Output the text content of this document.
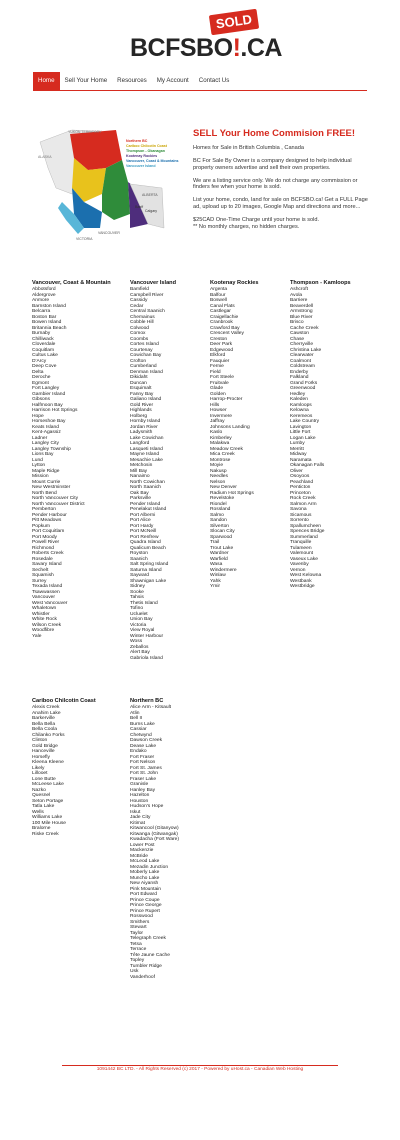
SOLD
BCFSBO!.CA
Home	Sell Your Home	Resources	My Account	Contact Us
YUKON TERRITORY
ALASKA
ALBERTA
Calgary
Banff
VANCOUVER
VICTORIA
Northern BC
Cariboo Chilcotin Coast
Thompson - Okanagan
Kootenay Rockies
Vancouver, Coast & Mountains
Vancouver Island
SELL Your Home Commision FREE!

Homes for Sale in British Columbia , Canada

BC For Sale By Owner is a company designed to help individual property owners advertise and sell their own properties.

We are a listing service only. We do not charge any commission or finders fee when your home is sold.

List your home, condo, land for sale on BCFSBO.ca! Get a FULL Page ad, upload up to 20 images, Google Map and directions and more...

$25CAD One-Time Charge until your home is sold.
** No monthly charges, no hidden charges.

Vancouver, Coast & Mountain
Abbotsford
Aldergrove
Anmore
Barnston Island
Belcarra
Boston Bar
Bowen Island
Britannia Beach
Burnaby
Chilliwack
Cloverdale
Coquitlam
Cultus Lake
D'Arcy
Deep Cove
Delta
Deroche
Egmont
Fort Langley
Gambier Island
Gibsons
Halfmoon Bay
Harrison Hot Springs
Hope
Horseshoe Bay
Keats Island
Kent-Agassiz
Ladner
Langley City
Langley Township
Lions Bay
Lund
Lytton
Maple Ridge
Mission
Mount Currie
New Westminster
North Bend
North Vancouver City
North Vancouver District
Pemberton
Pender Harbour
Pitt Meadows
Popkum
Port Coquitlam
Port Moody
Powell River
Richmond
Roberts Creek
Rosedale
Savary Island
Sechelt
Squamish
Surrey
Texada Island
Tsawwassen
Vancouver
West Vancouver
Whaletown
Whistler
White Rock
Wilson Creek
Woodfibre
Yale
Vancouver Island
Bamfield
Campbell River
Cassidy
Cedar
Central Saanich
Chemainus
Cobble Hill
Colwood
Comox
Coombs
Cortes Island
Courtenay
Cowichan Bay
Crofton
Cumberland
Denman Island
Dikidaht
Duncan
Esquimalt
Fanny Bay
Galiano Island
Gold River
Highlands
Holberg
Hornby Island
Jordan River
Ladysmith
Lake Cowichan
Langford
Lasqueti Island
Mayne Island
Mesachie Lake
Metchosin
Mill Bay
Nanaimo
North Cowichan
North Saanich
Oak Bay
Parksville
Pender Island
Penelakut Island
Port Alberni
Port Alice
Port Hardy
Port McNeill
Port Renfrew
Quadra Island
Qualicum Beach
Royston
Saanich
Salt Spring Island
Saturna Island
Sayward
Shawnigan Lake
Sidney
Sooke
Tahsis
Thetis Island
Tofino
Ucluelet
Union Bay
Victoria
View Royal
Winter Harbour
Woss
Zeballos
Alert Bay
Gabriola Island
Kootenay Rockies
Argenta
Balfour
Boswell
Canal Flats
Castlegar
Craigellachie
Cranbrook
Crawford Bay
Crescent Valley
Creston
Deer Park
Edgewood
Elkford
Fauquier
Fernie
Field
Fort Steele
Fruitvale
Glade
Golden
Harrop-Procter
Hills
Howser
Invermere
Jaffray
Johnsons Landing
Kaslo
Kimberley
Malakwa
Meadow Creek
Mica Creek
Montrose
Moyie
Nakusp
Needles
Nelson
New Denver
Radium Hot Springs
Revelstoke
Riondel
Rossland
Salmo
Sandon
Silverton
Slocan City
Sparwood
Trail
Trout Lake
Wardner
Warfield
Wasa
Windermere
Winlaw
Yahk
Ymir
Thompson - Kamloops
Ashcroft
Avola
Barriere
Beaverdell
Armstrong
Blue River
Brisco
Cache Creek
Cawston
Chase
Cherryville
Christina Lake
Clearwater
Coalmont
Coldstream
Enderby
Falkland
Grand Forks
Greenwood
Hedley
Kaleden
Kamloops
Kelowna
Keremeos
Lake Country
Lavington
Little Fort
Logan Lake
Lumby
Merritt
Midway
Naramata
Okanagan Falls
Oliver
Osoyoos
Peachland
Penticton
Princeton
Rock Creek
Salmon Arm
Savona
Sicamous
Sorrento
Spallumcheen
Spences Bridge
Summerland
Tranquille
Tulameen
Valemount
Vaseux Lake
Vavenby
Vernon
West Kelowna
Westbank
Westbridge
Cariboo Chilcotin Coast
Alexis Creek
Anahim Lake
Barkerville
Bella Bella
Bella Coola
Chilanko Forks
Clinton
Gold Bridge
Hanceville
Horsefly
Kleena Kleene
Likely
Lillooet
Lone Butte
McLeese Lake
Nazko
Quesnel
Seton Portage
Tatla Lake
Wells
Williams Lake
100 Mile House
Bralorne
Riske Creek
Northern BC
Alice Arm - Kitsault
Atlin
Bell II
Burns Lake
Cassiar
Chetwynd
Dawson Creek
Dease Lake
Endako
Fort Fraser
Fort Nelson
Fort St. James
Fort St. John
Fraser Lake
Granisle
Hanley Bay
Hazelton
Houston
Hudson's Hope
Iskut
Jade City
Kitimat
Kitwancool (Gitanyow)
Kitwanga (Gitwangak)
Kwadacha (Fort Ware)
Lower Post
Mackenzie
McBride
McLeod Lake
Mezadin Junction
Moberly Lake
Muncho Lake
New Aiyansh
Pink Mountain
Port Edward
Prince Coupe
Prince George
Prince Rupert
Rosswood
Smithers
Stewart
Taylor
Telegraph Creek
Tetsa
Terrace
Tête Jaune Cache
Topley
Tumbler Ridge
Usk
Vanderhoof
1091442 BC LTD. - All Rights Reserved (c) 2017 - Powered by uHost.ca - Canadian Web Hosting
